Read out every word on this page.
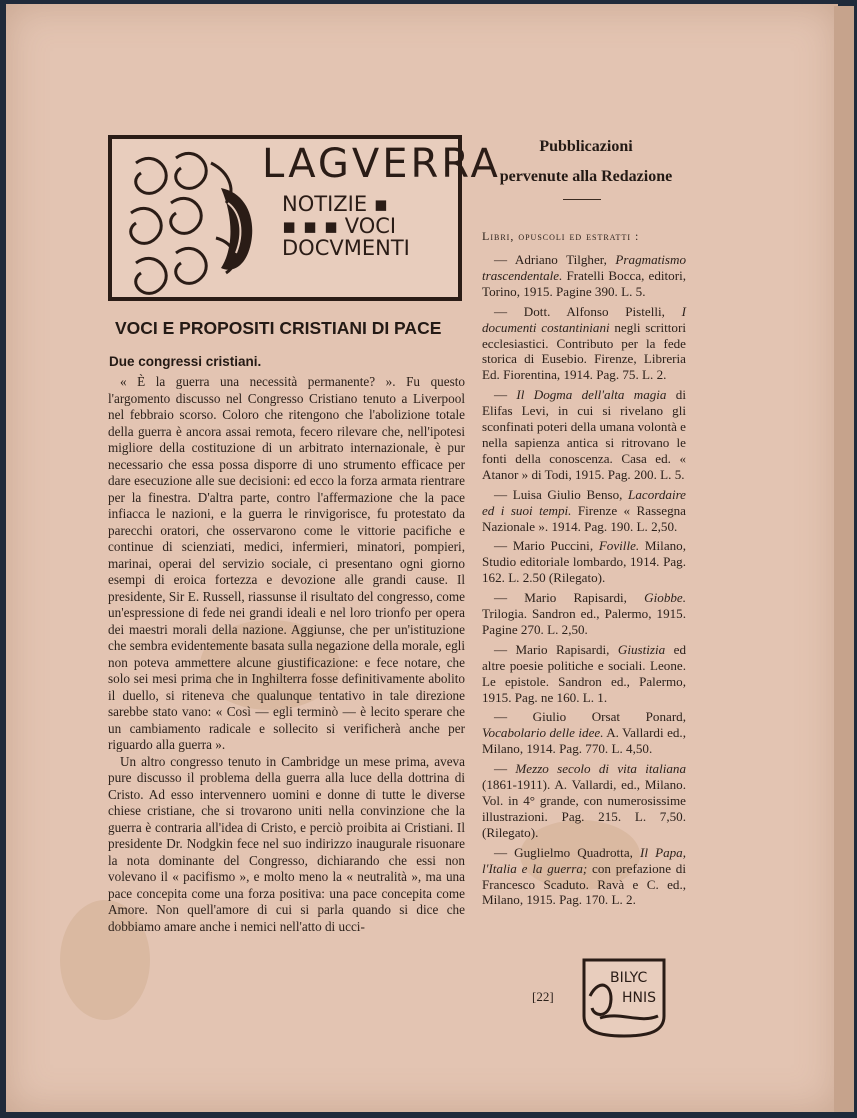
LAGVERRA
NOTIZIE ▪
▪ ▪ ▪ VOCI
DOCVMENTI
VOCI E PROPOSITI CRISTIANI DI PACE
Due congressi cristiani.

« È la guerra una necessità permanente? ». Fu questo l'argomento discusso nel Congresso Cristiano tenuto a Liverpool nel febbraio scorso. Coloro che ritengono che l'abolizione totale della guerra è ancora assai remota, fecero rilevare che, nell'ipotesi migliore della costituzione di un arbitrato internazionale, è pur necessario che essa possa disporre di uno strumento efficace per dare esecuzione alle sue decisioni: ed ecco la forza armata rientrare per la finestra. D'altra parte, contro l'affermazione che la pace infiacca le nazioni, e la guerra le rinvigorisce, fu protestato da parecchi oratori, che osservarono come le vittorie pacifiche e continue di scienziati, medici, infermieri, minatori, pompieri, marinai, operai del servizio sociale, ci presentano ogni giorno esempi di eroica fortezza e devozione alle grandi cause. Il presidente, Sir E. Russell, riassunse il risultato del congresso, come un'espressione di fede nei grandi ideali e nel loro trionfo per opera dei maestri morali della nazione. Aggiunse, che per un'istituzione che sembra evidentemente basata sulla negazione della morale, egli non poteva ammettere alcune giustificazione: e fece notare, che solo sei mesi prima che in Inghilterra fosse definitivamente abolito il duello, si riteneva che qualunque tentativo in tale direzione sarebbe stato vano: « Così — egli terminò — è lecito sperare che un cambiamento radicale e sollecito si verificherà anche per riguardo alla guerra ».

Un altro congresso tenuto in Cambridge un mese prima, aveva pure discusso il problema della guerra alla luce della dottrina di Cristo. Ad esso intervennero uomini e donne di tutte le diverse chiese cristiane, che si trovarono uniti nella convinzione che la guerra è contraria all'idea di Cristo, e perciò proibita ai Cristiani. Il presidente Dr. Nodgkin fece nel suo indirizzo inaugurale risuonare la nota dominante del Congresso, dichiarando che essi non volevano il « pacifismo », e molto meno la « neutralità », ma una pace concepita come una forza positiva: una pace concepita come Amore. Non quell'amore di cui si parla quando si dice che dobbiamo amare anche i nemici nell'atto di ucci-

Pubblicazioni
pervenute alla Redazione
Libri, opuscoli ed estratti :

— Adriano Tilgher, Pragmatismo trascendentale. Fratelli Bocca, editori, Torino, 1915. Pagine 390. L. 5.

— Dott. Alfonso Pistelli, I documenti costantiniani negli scrittori ecclesiastici. Contributo per la fede storica di Eusebio. Firenze, Libreria Ed. Fiorentina, 1914. Pag. 75. L. 2.

— Il Dogma dell'alta magia di Elifas Levi, in cui si rivelano gli sconfinati poteri della umana volontà e nella sapienza antica si ritrovano le fonti della conoscenza. Casa ed. « Atanor » di Todi, 1915. Pag. 200. L. 5.

— Luisa Giulio Benso, Lacordaire ed i suoi tempi. Firenze « Rassegna Nazionale ». 1914. Pag. 190. L. 2,50.

— Mario Puccini, Foville. Milano, Studio editoriale lombardo, 1914. Pag. 162. L. 2.50 (Rilegato).

— Mario Rapisardi, Giobbe. Trilogia. Sandron ed., Palermo, 1915. Pagine 270. L. 2,50.

— Mario Rapisardi, Giustizia ed altre poesie politiche e sociali. Leone. Le epistole. Sandron ed., Palermo, 1915. Pag. ne 160. L. 1.

— Giulio Orsat Ponard, Vocabolario delle idee. A. Vallardi ed., Milano, 1914. Pag. 770. L. 4,50.

— Mezzo secolo di vita italiana (1861-1911). A. Vallardi, ed., Milano. Vol. in 4° grande, con numerosissime illustrazioni. Pag. 215. L. 7,50. (Rilegato).

— Guglielmo Quadrotta, Il Papa, l'Italia e la guerra; con prefazione di Francesco Scaduto. Ravà e C. ed., Milano, 1915. Pag. 170. L. 2.

[22]
BILYC
HNIS
